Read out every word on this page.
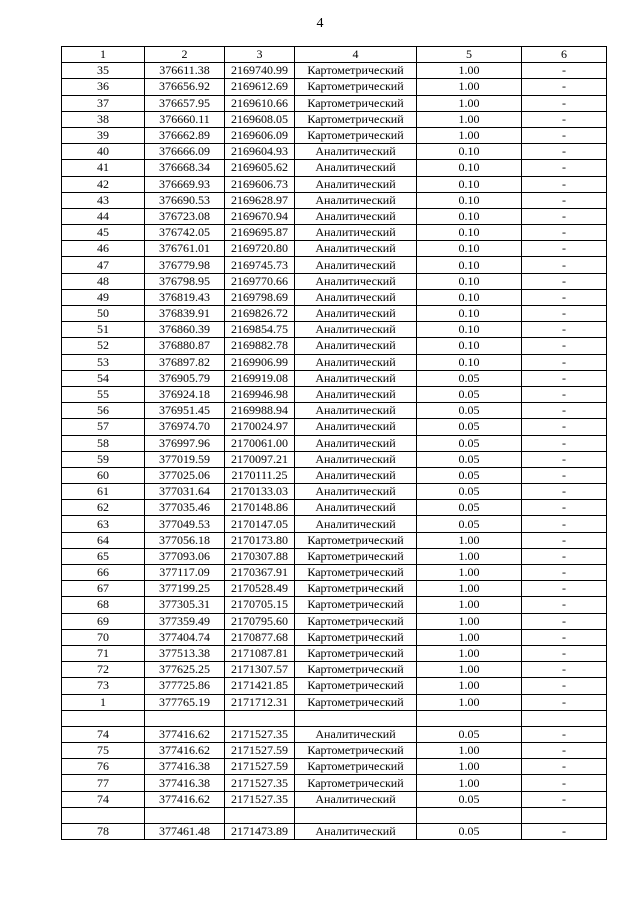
4
1	2	3	4	5	6
35	376611.38	2169740.99	Картометрический	1.00	-
36	376656.92	2169612.69	Картометрический	1.00	-
37	376657.95	2169610.66	Картометрический	1.00	-
38	376660.11	2169608.05	Картометрический	1.00	-
39	376662.89	2169606.09	Картометрический	1.00	-
40	376666.09	2169604.93	Аналитический	0.10	-
41	376668.34	2169605.62	Аналитический	0.10	-
42	376669.93	2169606.73	Аналитический	0.10	-
43	376690.53	2169628.97	Аналитический	0.10	-
44	376723.08	2169670.94	Аналитический	0.10	-
45	376742.05	2169695.87	Аналитический	0.10	-
46	376761.01	2169720.80	Аналитический	0.10	-
47	376779.98	2169745.73	Аналитический	0.10	-
48	376798.95	2169770.66	Аналитический	0.10	-
49	376819.43	2169798.69	Аналитический	0.10	-
50	376839.91	2169826.72	Аналитический	0.10	-
51	376860.39	2169854.75	Аналитический	0.10	-
52	376880.87	2169882.78	Аналитический	0.10	-
53	376897.82	2169906.99	Аналитический	0.10	-
54	376905.79	2169919.08	Аналитический	0.05	-
55	376924.18	2169946.98	Аналитический	0.05	-
56	376951.45	2169988.94	Аналитический	0.05	-
57	376974.70	2170024.97	Аналитический	0.05	-
58	376997.96	2170061.00	Аналитический	0.05	-
59	377019.59	2170097.21	Аналитический	0.05	-
60	377025.06	2170111.25	Аналитический	0.05	-
61	377031.64	2170133.03	Аналитический	0.05	-
62	377035.46	2170148.86	Аналитический	0.05	-
63	377049.53	2170147.05	Аналитический	0.05	-
64	377056.18	2170173.80	Картометрический	1.00	-
65	377093.06	2170307.88	Картометрический	1.00	-
66	377117.09	2170367.91	Картометрический	1.00	-
67	377199.25	2170528.49	Картометрический	1.00	-
68	377305.31	2170705.15	Картометрический	1.00	-
69	377359.49	2170795.60	Картометрический	1.00	-
70	377404.74	2170877.68	Картометрический	1.00	-
71	377513.38	2171087.81	Картометрический	1.00	-
72	377625.25	2171307.57	Картометрический	1.00	-
73	377725.86	2171421.85	Картометрический	1.00	-
1	377765.19	2171712.31	Картометрический	1.00	-

74	377416.62	2171527.35	Аналитический	0.05	-
75	377416.62	2171527.59	Картометрический	1.00	-
76	377416.38	2171527.59	Картометрический	1.00	-
77	377416.38	2171527.35	Картометрический	1.00	-
74	377416.62	2171527.35	Аналитический	0.05	-

78	377461.48	2171473.89	Аналитический	0.05	-
